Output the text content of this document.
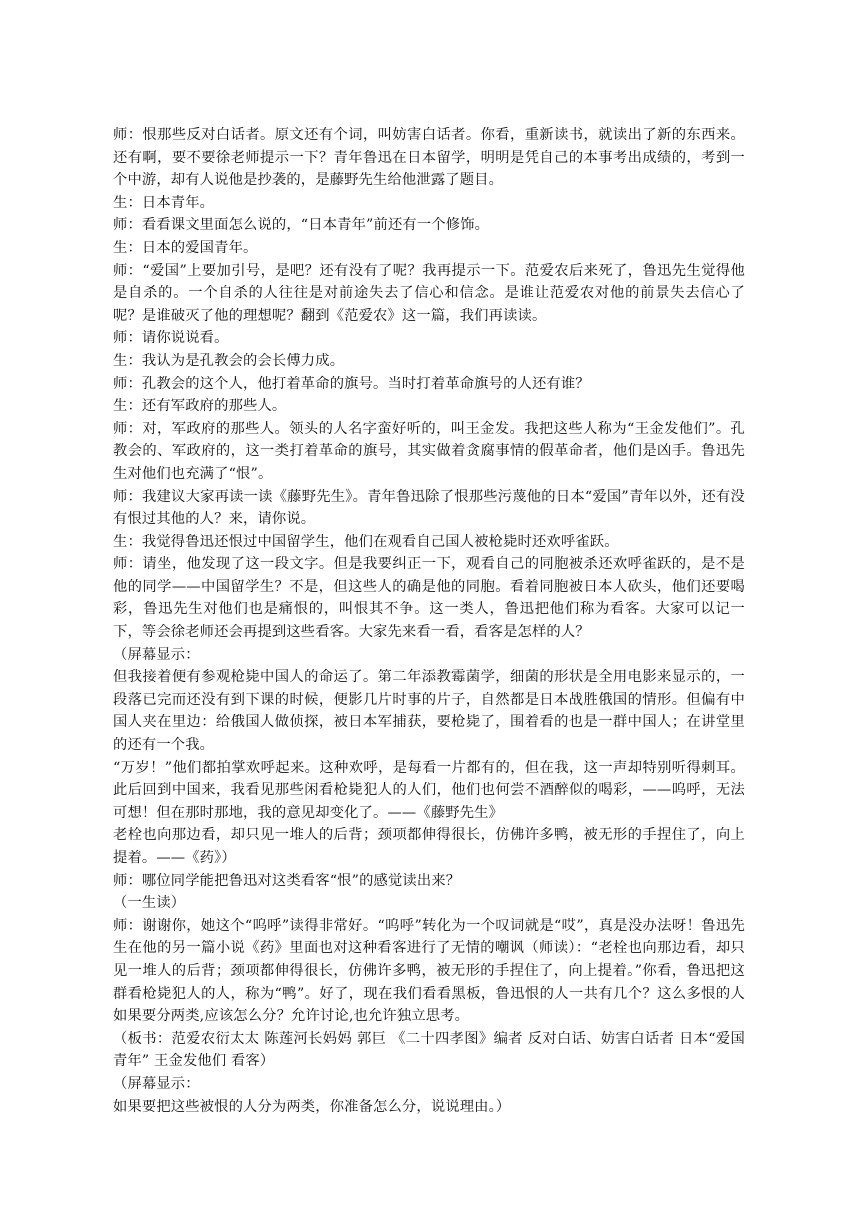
师：恨那些反对白话者。原文还有个词，叫妨害白话者。你看，重新读书，就读出了新的东西来。还有啊，要不要徐老师提示一下？青年鲁迅在日本留学，明明是凭自己的本事考出成绩的，考到一个中游，却有人说他是抄袭的，是藤野先生给他泄露了题目。

生：日本青年。

师：看看课文里面怎么说的，“日本青年”前还有一个修饰。

生：日本的爱国青年。

师：“爱国”上要加引号，是吧？还有没有了呢？我再提示一下。范爱农后来死了，鲁迅先生觉得他是自杀的。一个自杀的人往往是对前途失去了信心和信念。是谁让范爱农对他的前景失去信心了呢？是谁破灭了他的理想呢？翻到《范爱农》这一篇，我们再读读。

师：请你说说看。

生：我认为是孔教会的会长傅力成。

师：孔教会的这个人，他打着革命的旗号。当时打着革命旗号的人还有谁？

生：还有军政府的那些人。

师：对，军政府的那些人。领头的人名字蛮好听的，叫王金发。我把这些人称为“王金发他们”。孔教会的、军政府的，这一类打着革命的旗号，其实做着贪腐事情的假革命者，他们是凶手。鲁迅先生对他们也充满了“恨”。

师：我建议大家再读一读《藤野先生》。青年鲁迅除了恨那些污蔑他的日本“爱国”青年以外，还有没有恨过其他的人？来，请你说。

生：我觉得鲁迅还恨过中国留学生，他们在观看自己国人被枪毙时还欢呼雀跃。

师：请坐，他发现了这一段文字。但是我要纠正一下，观看自己的同胞被杀还欢呼雀跃的，是不是他的同学——中国留学生？不是，但这些人的确是他的同胞。看着同胞被日本人砍头，他们还要喝彩，鲁迅先生对他们也是痛恨的，叫恨其不争。这一类人，鲁迅把他们称为看客。大家可以记一下，等会徐老师还会再提到这些看客。大家先来看一看，看客是怎样的人？

（屏幕显示：

但我接着便有参观枪毙中国人的命运了。第二年添教霉菌学，细菌的形状是全用电影来显示的，一段落已完而还没有到下课的时候，便影几片时事的片子，自然都是日本战胜俄国的情形。但偏有中国人夹在里边：给俄国人做侦探，被日本军捕获，要枪毙了，围着看的也是一群中国人；在讲堂里的还有一个我。

“万岁！”他们都拍掌欢呼起来。这种欢呼，是每看一片都有的，但在我，这一声却特别听得刺耳。此后回到中国来，我看见那些闲看枪毙犯人的人们，他们也何尝不酒醉似的喝彩，——呜呼，无法可想！但在那时那地，我的意见却变化了。——《藤野先生》

老栓也向那边看，却只见一堆人的后背；颈项都伸得很长，仿佛许多鸭，被无形的手捏住了，向上提着。——《药》）

师：哪位同学能把鲁迅对这类看客“恨”的感觉读出来？

（一生读）

师：谢谢你，她这个“呜呼”读得非常好。“呜呼”转化为一个叹词就是“哎”，真是没办法呀！鲁迅先生在他的另一篇小说《药》里面也对这种看客进行了无情的嘲讽（师读）：“老栓也向那边看，却只见一堆人的后背；颈项都伸得很长，仿佛许多鸭，被无形的手捏住了，向上提着。”你看，鲁迅把这群看枪毙犯人的人，称为“鸭”。好了，现在我们看看黑板，鲁迅恨的人一共有几个？这么多恨的人如果要分两类,应该怎么分？允许讨论,也允许独立思考。

（板书：范爱农衍太太 陈莲河长妈妈 郭巨 《二十四孝图》编者 反对白话、妨害白话者 日本“爱国青年” 王金发他们 看客）

（屏幕显示：

如果要把这些被恨的人分为两类，你准备怎么分，说说理由。）
